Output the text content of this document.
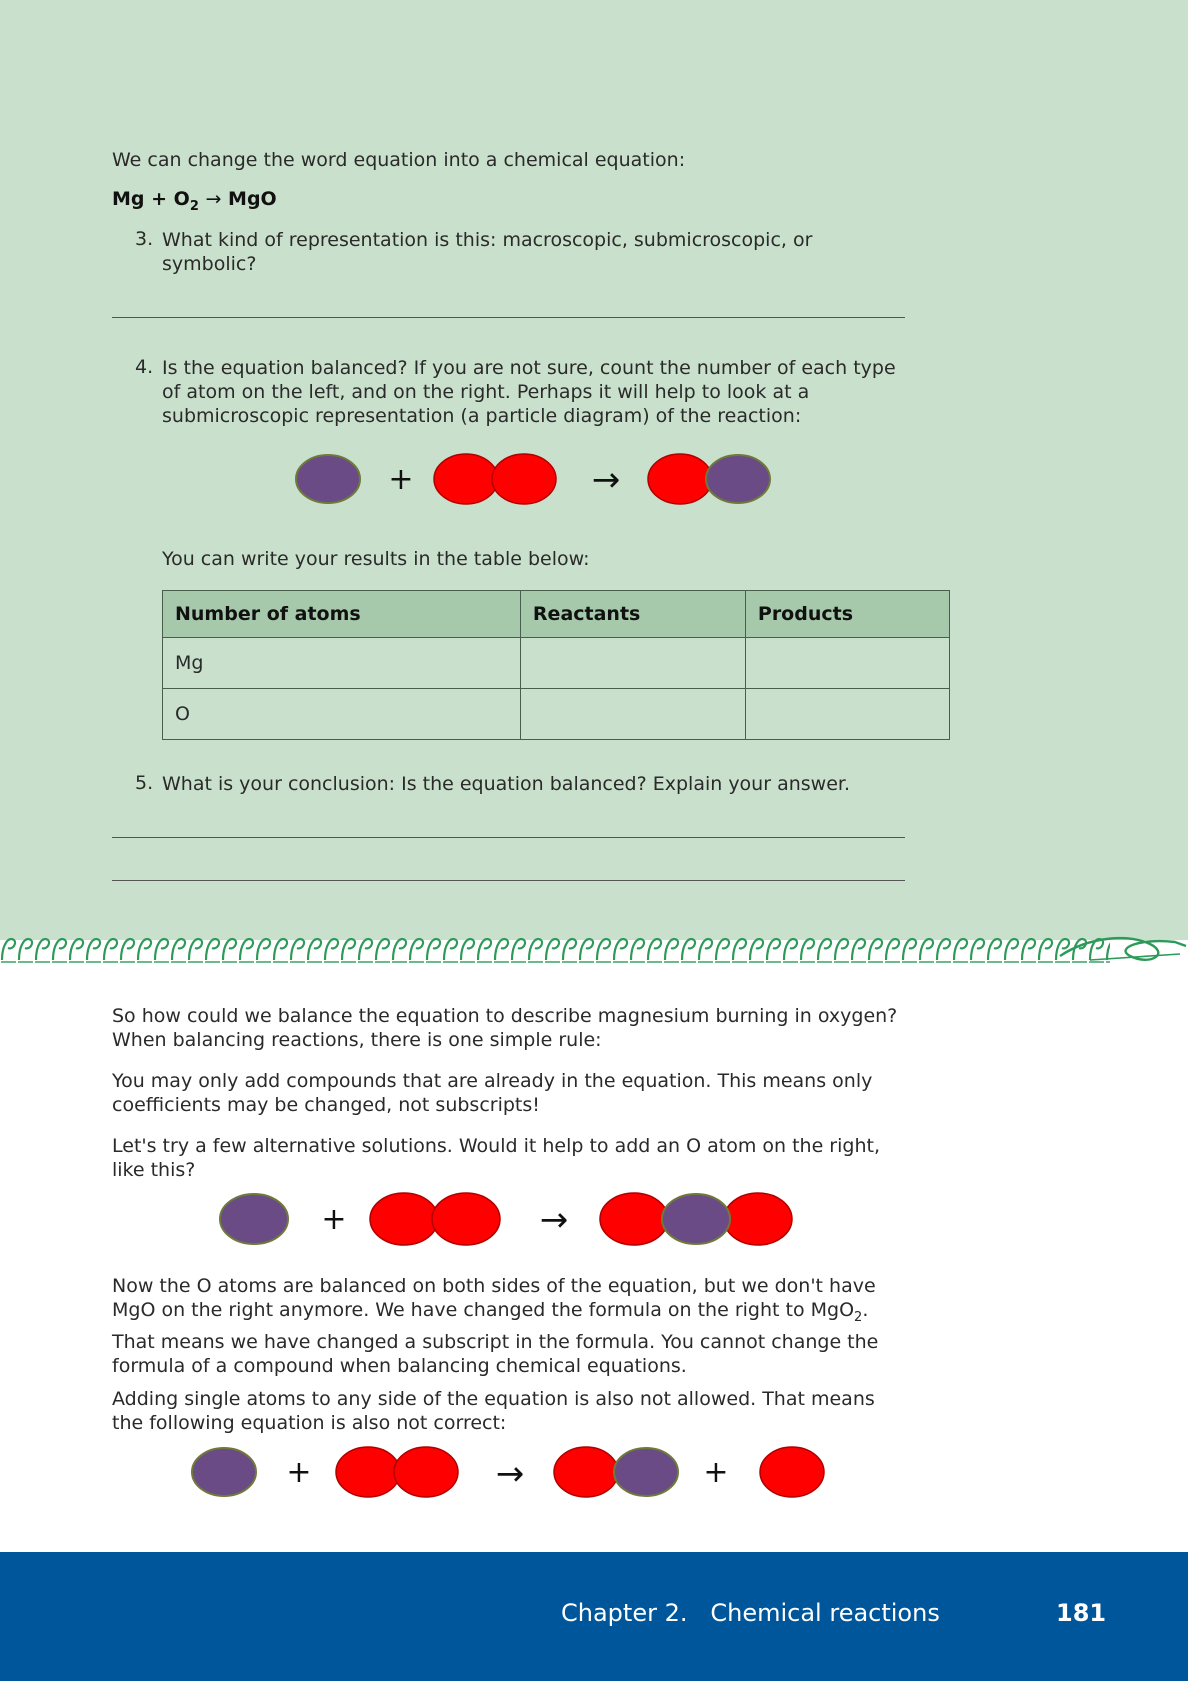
We can change the word equation into a chemical equation:

$Mg + O_2$ → MgO
3. What kind of representation is this: macroscopic, submicroscopic, or symbolic?

4. Is the equation balanced? If you are not sure, count the number of each type of atom on the left, and on the right. Perhaps it will help to look at a submicroscopic representation (a particle diagram) of the reaction:

+	→

You can write your results in the table below:

Number of atoms	Reactants	Products
Mg		
O		
5. What is your conclusion: Is the equation balanced? Explain your answer.

So how could we balance the equation to describe magnesium burning in oxygen? When balancing reactions, there is one simple rule:

You may only add compounds that are already in the equation. This means only coefficients may be changed, not subscripts!

Let's try a few alternative solutions. Would it help to add an O atom on the right, like this?

+	→

Now the O atoms are balanced on both sides of the equation, but we don't have MgO on the right anymore. We have changed the formula on the right to MgO$_2$. That means we have changed a subscript in the formula. You cannot change the formula of a compound when balancing chemical equations.

Adding single atoms to any side of the equation is also not allowed. That means the following equation is also not correct:

+	→	+
Chapter 2.   Chemical reactions	181
